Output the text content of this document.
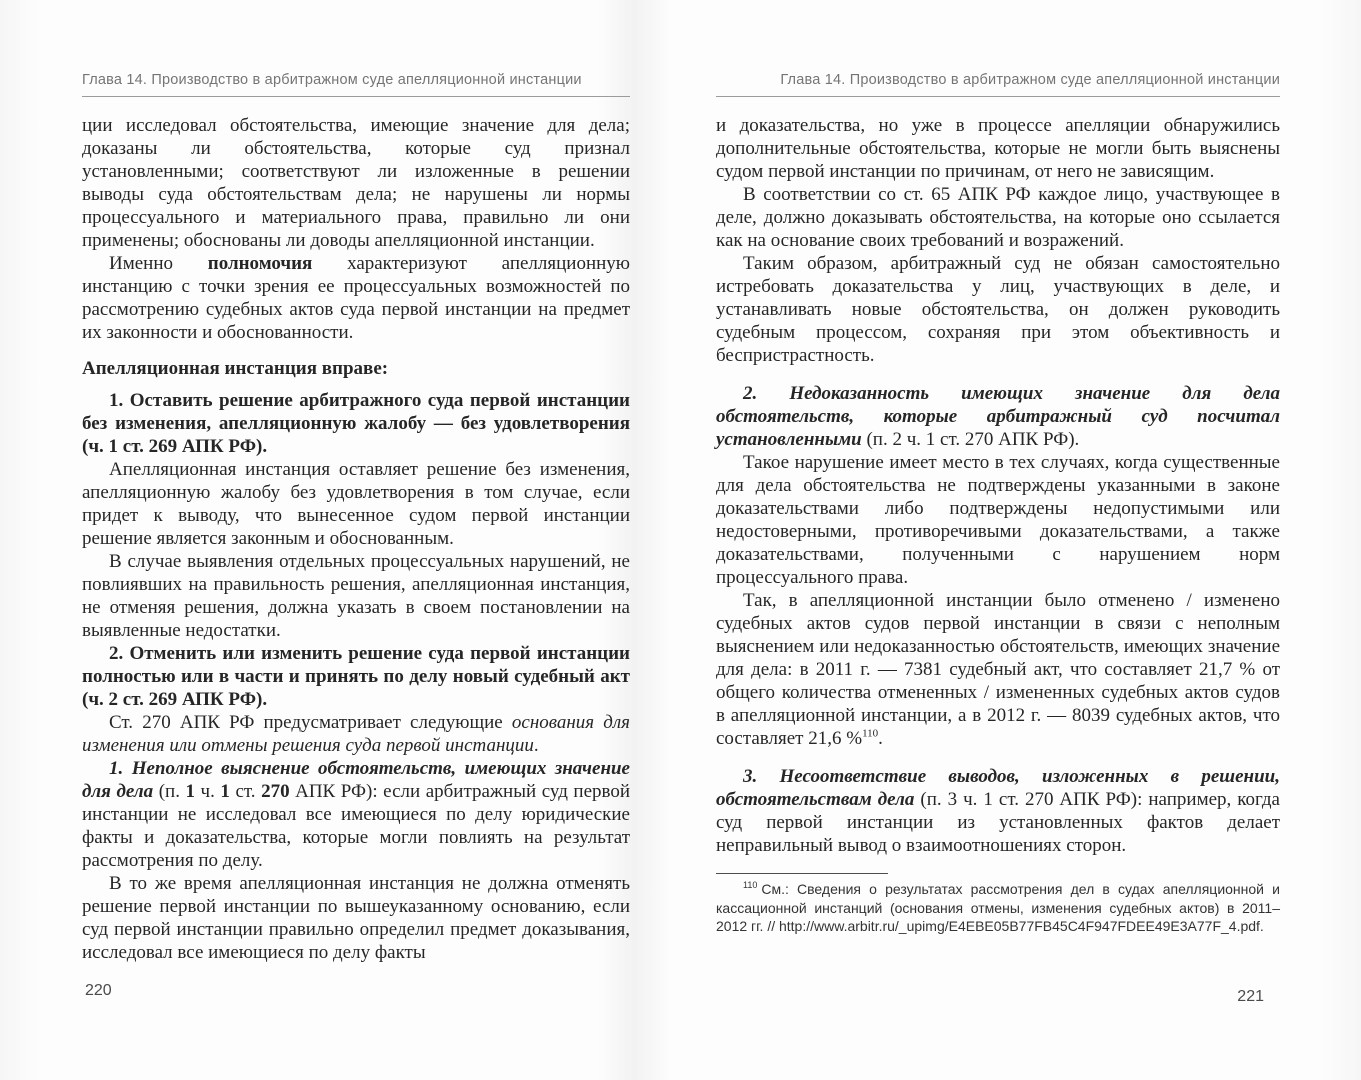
Глава 14. Производство в арбитражном суде апелляционной инстанции

ции исследовал обстоятельства, имеющие значение для дела; доказаны ли обстоятельства, которые суд признал установленными; соответствуют ли изложенные в решении выводы суда обстоятельствам дела; не нарушены ли нормы процессуального и материального права, правильно ли они применены; обоснованы ли доводы апелляционной инстанции.

Именно полномочия характеризуют апелляционную инстанцию с точки зрения ее процессуальных возможностей по рассмотрению судебных актов суда первой инстанции на предмет их законности и обоснованности.

Апелляционная инстанция вправе:

1. Оставить решение арбитражного суда первой инстанции без изменения, апелляционную жалобу — без удовлетворения (ч. 1 ст. 269 АПК РФ).

Апелляционная инстанция оставляет решение без изменения, апелляционную жалобу без удовлетворения в том случае, если придет к выводу, что вынесенное судом первой инстанции решение является законным и обоснованным.

В случае выявления отдельных процессуальных нарушений, не повлиявших на правильность решения, апелляционная инстанция, не отменяя решения, должна указать в своем постановлении на выявленные недостатки.

2. Отменить или изменить решение суда первой инстанции полностью или в части и принять по делу новый судебный акт (ч. 2 ст. 269 АПК РФ).

Ст. 270 АПК РФ предусматривает следующие основания для изменения или отмены решения суда первой инстанции.

1. Неполное выяснение обстоятельств, имеющих значение для дела (п. 1 ч. 1 ст. 270 АПК РФ): если арбитражный суд первой инстанции не исследовал все имеющиеся по делу юридические факты и доказательства, которые могли повлиять на результат рассмотрения по делу.

В то же время апелляционная инстанция не должна отменять решение первой инстанции по вышеуказанному основанию, если суд первой инстанции правильно определил предмет доказывания, исследовал все имеющиеся по делу факты

Глава 14. Производство в арбитражном суде апелляционной инстанции

и доказательства, но уже в процессе апелляции обнаружились дополнительные обстоятельства, которые не могли быть выяснены судом первой инстанции по причинам, от него не зависящим.

В соответствии со ст. 65 АПК РФ каждое лицо, участвующее в деле, должно доказывать обстоятельства, на которые оно ссылается как на основание своих требований и возражений.

Таким образом, арбитражный суд не обязан самостоятельно истребовать доказательства у лиц, участвующих в деле, и устанавливать новые обстоятельства, он должен руководить судебным процессом, сохраняя при этом объективность и беспристрастность.

2. Недоказанность имеющих значение для дела обстоятельств, которые арбитражный суд посчитал установленными (п. 2 ч. 1 ст. 270 АПК РФ).

Такое нарушение имеет место в тех случаях, когда существенные для дела обстоятельства не подтверждены указанными в законе доказательствами либо подтверждены недопустимыми или недостоверными, противоречивыми доказательствами, а также доказательствами, полученными с нарушением норм процессуального права.

Так, в апелляционной инстанции было отменено / изменено судебных актов судов первой инстанции в связи с неполным выяснением или недоказанностью обстоятельств, имеющих значение для дела: в 2011 г. — 7381 судебный акт, что составляет 21,7 % от общего количества отмененных / измененных судебных актов судов в апелляционной инстанции, а в 2012 г. — 8039 судебных актов, что составляет 21,6 %$^{110}$.

3. Несоответствие выводов, изложенных в решении, обстоятельствам дела (п. 3 ч. 1 ст. 270 АПК РФ): например, когда суд первой инстанции из установленных фактов делает неправильный вывод о взаимоотношениях сторон.

$^{110}$ См.: Сведения о результатах рассмотрения дел в судах апелляционной и кассационной инстанций (основания отмены, изменения судебных актов) в 2011–2012 гг. // http://www.arbitr.ru/_upimg/E4EBE05B77FB45C4F947FDEE49E3A77F_4.pdf.

220	221
